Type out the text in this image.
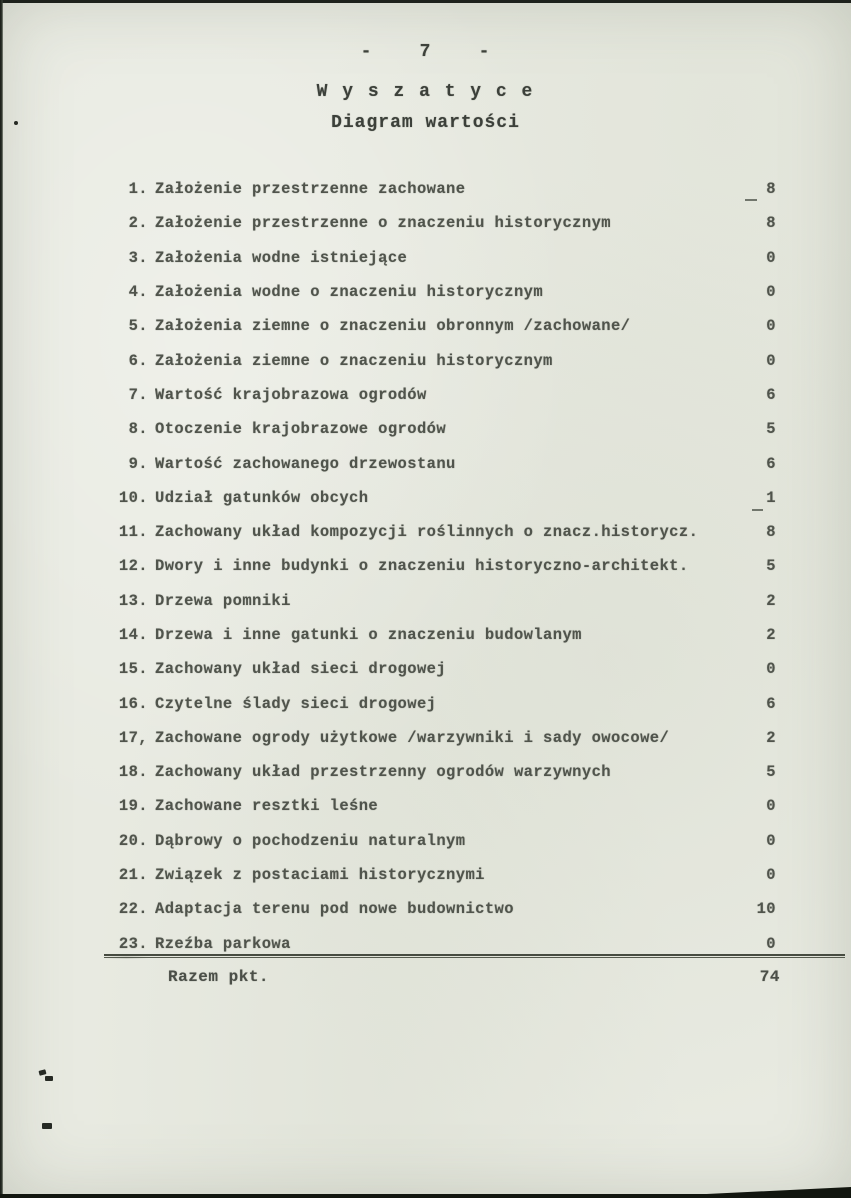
-    7    -
W y s z a t y c e
Diagram wartości
1. Założenie przestrzenne zachowane	8
2. Założenie przestrzenne o znaczeniu historycznym	8
3. Założenia wodne istniejące	0
4. Założenia wodne o znaczeniu historycznym	0
5. Założenia ziemne o znaczeniu obronnym /zachowane/	0
6. Założenia ziemne o znaczeniu historycznym	0
7. Wartość krajobrazowa ogrodów	6
8. Otoczenie krajobrazowe ogrodów	5
9. Wartość zachowanego drzewostanu	6
10. Udział gatunków obcych	1
11. Zachowany układ kompozycji roślinnych o znacz.historycz.	8
12. Dwory i inne budynki o znaczeniu historyczno-architekt.	5
13. Drzewa pomniki	2
14. Drzewa i inne gatunki o znaczeniu budowlanym	2
15. Zachowany układ sieci drogowej	0
16. Czytelne ślady sieci drogowej	6
17, Zachowane ogrody użytkowe /warzywniki i sady owocowe/	2
18. Zachowany układ przestrzenny ogrodów warzywnych	5
19. Zachowane resztki leśne	0
20. Dąbrowy o pochodzeniu naturalnym	0
21. Związek z postaciami historycznymi	0
22. Adaptacja terenu pod nowe budownictwo	10
23. Rzeźba parkowa	0
Razem pkt.	74
